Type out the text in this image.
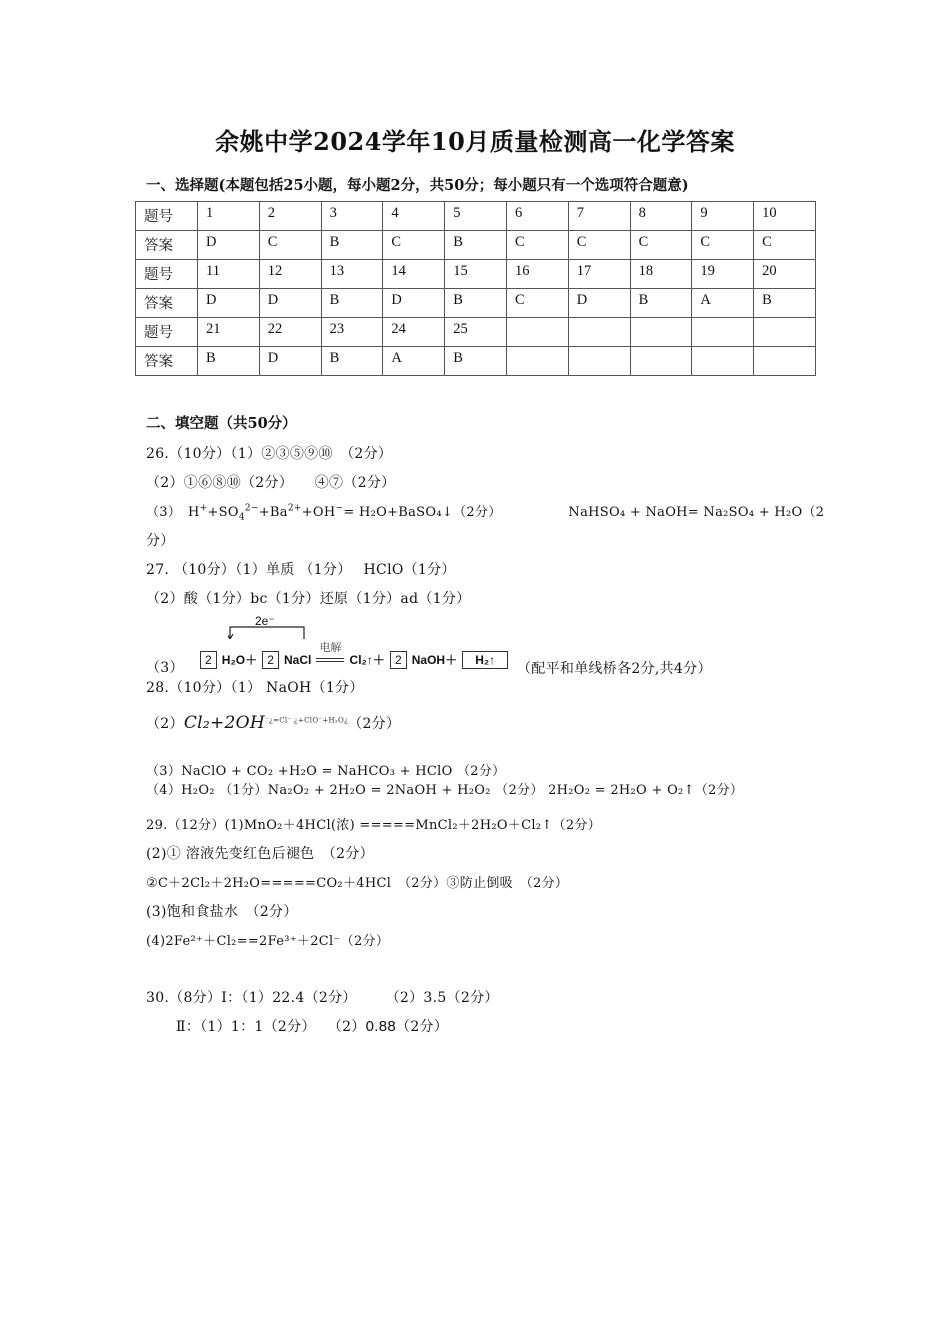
余姚中学2024学年10月质量检测高一化学答案
一、选择题(本题包括25小题，每小题2分，共50分；每小题只有一个选项符合题意)
题号	1	2	3	4	5	6	7	8	9	10
答案	D	C	B	C	B	C	C	C	C	C
题号	11	12	13	14	15	16	17	18	19	20
答案	D	D	B	D	B	C	D	B	A	B
题号	21	22	23	24	25					
答案	B	D	B	A	B					
二、填空题（共50分）
26.（10分）（1）②③⑤⑨⑩　（2分）
（2）①⑥⑧⑩（2分）　　④⑦（2分）
（3）　$H^++SO_4^{2-}+Ba^{2+}+OH^-=$ H₂O+BaSO₄↓（2分）	NaHSO₄ + NaOH= Na₂SO₄ + H₂O（2
分）
27. （10分）（1）单质 （1分）　 HClO（1分）
（2）酸（1分）bc（1分）还原（1分）ad（1分）
2e⁻
（3）	2 H₂O＋ 2 NaCl
电解
Cl₂↑＋ 2 NaOH＋ H₂↑
（配平和单线桥各2分,共4分）
28.（10分）（1） NaOH（1分）
$(2)Cl_2+2OH^{^-¿=Cl^- ¿+ClO^-+H_2O¿}(2$分）
（3）NaClO + CO₂ +H₂O = NaHCO₃ + HClO （2分）
（4）H₂O₂ （1分）Na₂O₂ + 2H₂O = 2NaOH + H₂O₂ （2分） 2H₂O₂ = 2H₂O + O₂↑（2分）
29.（12分）(1)MnO₂＋4HCl(浓) =====MnCl₂＋2H₂O＋Cl₂↑（2分）
(2)① 溶液先变红色后褪色　（2分）
②C＋2Cl₂＋2H₂O=====CO₂＋4HCl　（2分）③防止倒吸　（2分）
(3)饱和食盐水　（2分）
(4)2Fe²⁺＋Cl₂==2Fe³⁺＋2Cl⁻（2分）
30.（8分）Ⅰ：（1）22.4（2分）　　　（2）3.5（2分）
Ⅱ：（1）1：1（2分）　 （2）0.88（2分）
